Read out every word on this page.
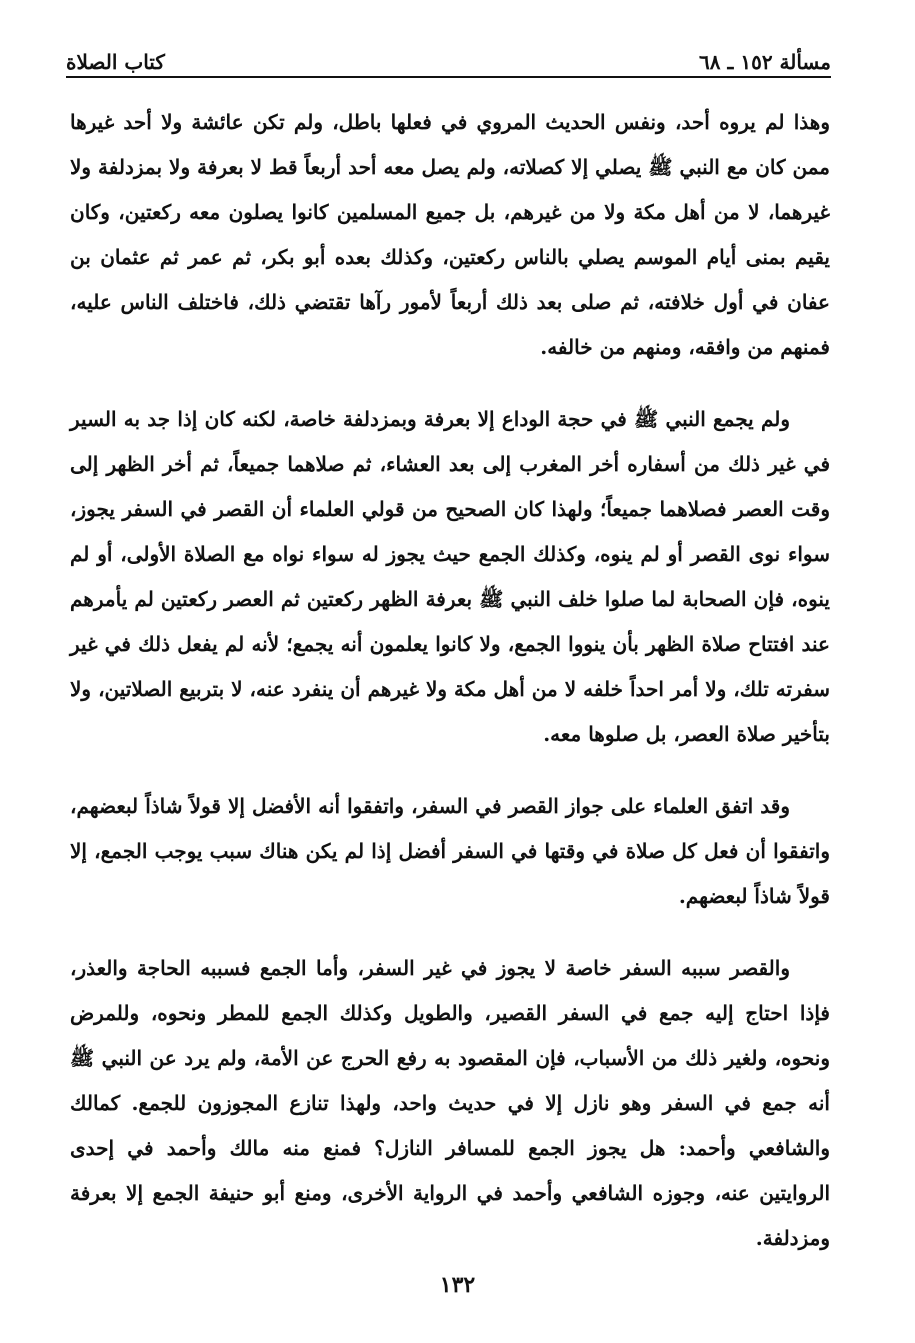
مسألة ١٥٢ ـ ٦٨
كتاب الصلاة

وهذا لم يروه أحد، ونفس الحديث المروي في فعلها باطل، ولم تكن عائشة ولا أحد غيرها ممن كان مع النبي ﷺ يصلي إلا كصلاته، ولم يصل معه أحد أربعاً قط لا بعرفة ولا بمزدلفة ولا غيرهما، لا من أهل مكة ولا من غيرهم، بل جميع المسلمين كانوا يصلون معه ركعتين، وكان يقيم بمنى أيام الموسم يصلي بالناس ركعتين، وكذلك بعده أبو بكر، ثم عمر ثم عثمان بن عفان في أول خلافته، ثم صلى بعد ذلك أربعاً لأمور رآها تقتضي ذلك، فاختلف الناس عليه، فمنهم من وافقه، ومنهم من خالفه.

ولم يجمع النبي ﷺ في حجة الوداع إلا بعرفة وبمزدلفة خاصة، لكنه كان إذا جد به السير في غير ذلك من أسفاره أخر المغرب إلى بعد العشاء، ثم صلاهما جميعاً، ثم أخر الظهر إلى وقت العصر فصلاهما جميعاً؛ ولهذا كان الصحيح من قولي العلماء أن القصر في السفر يجوز، سواء نوى القصر أو لم ينوه، وكذلك الجمع حيث يجوز له سواء نواه مع الصلاة الأولى، أو لم ينوه، فإن الصحابة لما صلوا خلف النبي ﷺ بعرفة الظهر ركعتين ثم العصر ركعتين لم يأمرهم عند افتتاح صلاة الظهر بأن ينووا الجمع، ولا كانوا يعلمون أنه يجمع؛ لأنه لم يفعل ذلك في غير سفرته تلك، ولا أمر احداً خلفه لا من أهل مكة ولا غيرهم أن ينفرد عنه، لا بتربيع الصلاتين، ولا بتأخير صلاة العصر، بل صلوها معه.

وقد اتفق العلماء على جواز القصر في السفر، واتفقوا أنه الأفضل إلا قولاً شاذاً لبعضهم، واتفقوا أن فعل كل صلاة في وقتها في السفر أفضل إذا لم يكن هناك سبب يوجب الجمع، إلا قولاً شاذاً لبعضهم.

والقصر سببه السفر خاصة لا يجوز في غير السفر، وأما الجمع فسببه الحاجة والعذر، فإذا احتاج إليه جمع في السفر القصير، والطويل وكذلك الجمع للمطر ونحوه، وللمرض ونحوه، ولغير ذلك من الأسباب، فإن المقصود به رفع الحرج عن الأمة، ولم يرد عن النبي ﷺ أنه جمع في السفر وهو نازل إلا في حديث واحد، ولهذا تنازع المجوزون للجمع. كمالك والشافعي وأحمد: هل يجوز الجمع للمسافر النازل؟ فمنع منه مالك وأحمد في إحدى الروايتين عنه، وجوزه الشافعي وأحمد في الرواية الأخرى، ومنع أبو حنيفة الجمع إلا بعرفة ومزدلفة.

١٣٢
